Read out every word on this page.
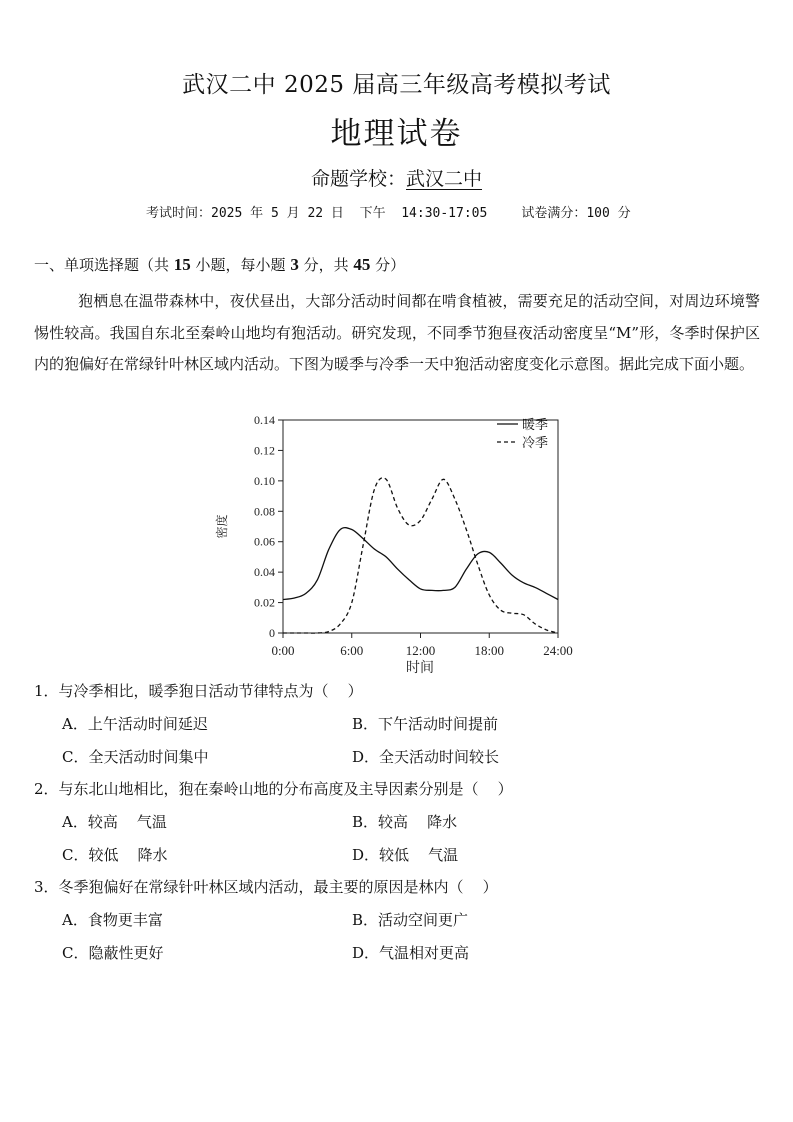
武汉二中 2025 届高三年级高考模拟考试
地理试卷
命题学校：武汉二中
考试时间：2025 年 5 月 22 日  下午  14:30-17:05	试卷满分：100 分
一、单项选择题（共 15 小题，每小题 3 分，共 45 分）
狍栖息在温带森林中，夜伏昼出，大部分活动时间都在啃食植被，需要充足的活动空间，对周边环境警惕性较高。我国自东北至秦岭山地均有狍活动。研究发现，不同季节狍昼夜活动密度呈“M”形，冬季时保护区内的狍偏好在常绿针叶林区域内活动。下图为暖季与冷季一天中狍活动密度变化示意图。据此完成下面小题。
0
0.02
0.04
0.06
0.08
0.10
0.12
0.14
0:00	6:00	12:00	18:00	24:00
密度
时间
暖季
冷季
1．与冷季相比，暖季狍日活动节律特点为（    ）
A．上午活动时间延迟	B．下午活动时间提前
C．全天活动时间集中	D．全天活动时间较长
2．与东北山地相比，狍在秦岭山地的分布高度及主导因素分别是（    ）
A．较高    气温	B．较高    降水
C．较低    降水	D．较低    气温
3．冬季狍偏好在常绿针叶林区域内活动，最主要的原因是林内（    ）
A．食物更丰富	B．活动空间更广
C．隐蔽性更好	D．气温相对更高
